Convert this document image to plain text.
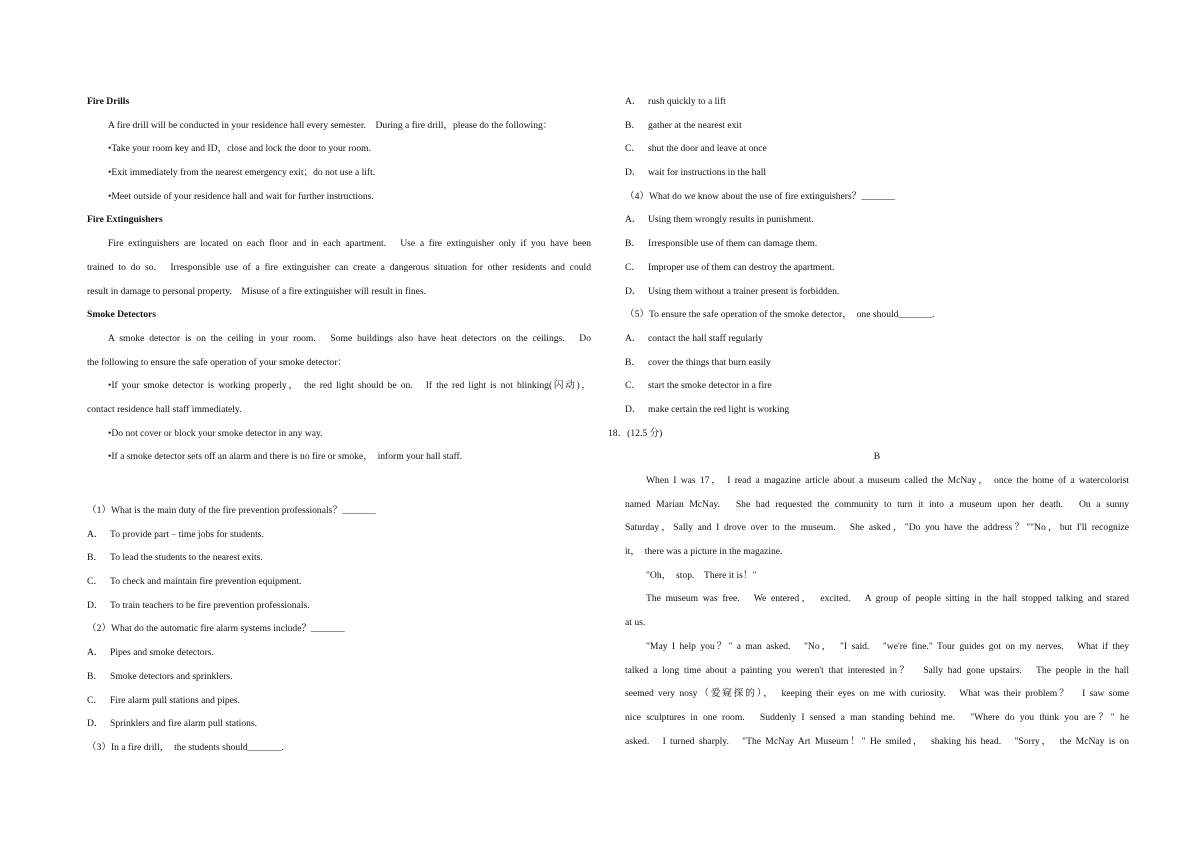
Fire Drills
A fire drill will be conducted in your residence hall every semester.　During a fire drill，please do the following：
•Take your room key and ID，close and lock the door to your room.
•Exit immediately from the nearest emergency exit；do not use a lift.
•Meet outside of your residence hall and wait for further instructions.
Fire Extinguishers
Fire extinguishers are located on each floor and in each apartment.　Use a fire extinguisher only if you have been
trained to do so.　Irresponsible use of a fire extinguisher can create a dangerous situation for other residents and could
result in damage to personal property.　Misuse of a fire extinguisher will result in fines.
Smoke Detectors
A smoke detector is on the ceiling in your room.　Some buildings also have heat detectors on the ceilings.　Do
the following to ensure the safe operation of your smoke detector：
•If your smoke detector is working properly， the red light should be on.　If the red light is not blinking(闪动)，
contact residence hall staff immediately.
•Do not cover or block your smoke detector in any way.
•If a smoke detector sets off an alarm and there is no fire or smoke，　inform your hall staff.
（1）What is the main duty of the fire prevention professionals？_______
A． To provide part﹣time jobs for students.
B． To lead the students to the nearest exits.
C． To check and maintain fire prevention equipment.
D． To train teachers to be fire prevention professionals.
（2）What do the automatic fire alarm systems include？_______
A． Pipes and smoke detectors.
B． Smoke detectors and sprinklers.
C． Fire alarm pull stations and pipes.
D． Sprinklers and fire alarm pull stations.
（3）In a fire drill，　the students should_______.
A． rush quickly to a lift
B． gather at the nearest exit
C． shut the door and leave at once
D． wait for instructions in the hall
（4）What do we know about the use of fire extinguishers？_______
A． Using them wrongly results in punishment.
B． Irresponsible use of them can damage them.
C． Improper use of them can destroy the apartment.
D． Using them without a trainer present is forbidden.
（5）To ensure the safe operation of the smoke detector，　one should_______.
A． contact the hall staff regularly
B． cover the things that burn easily
C． start the smoke detector in a fire
D． make certain the red light is working
18．(12.5 分)
B
When I was 17， I read a magazine article about a museum called the McNay， once the home of a watercolorist
named Marian McNay.　She had requested the community to turn it into a museum upon her death.　On a sunny
Saturday，Sally and I drove over to the museum.　She asked，"Do you have the address？""No，but I'll recognize
it，　there was a picture in the magazine.
"Oh，　stop.　There it is！"
The museum was free.　We entered，　excited.　A group of people sitting in the hall stopped talking and stared
at us.
"May I help you？" a man asked.　"No，　"I said.　"we're fine." Tour guides got on my nerves.　What if they
talked a long time about a painting you weren't that interested in？　Sally had gone upstairs.　The people in the hall
seemed very nosy（爱窥探的），　keeping their eyes on me with curiosity.　What was their problem？　I saw some
nice sculptures in one room.　Suddenly I sensed a man standing behind me.　"Where do you think you are？" he
asked.　I turned sharply.　"The McNay Art Museum！" He smiled，　shaking his head.　"Sorry，　the McNay is on
